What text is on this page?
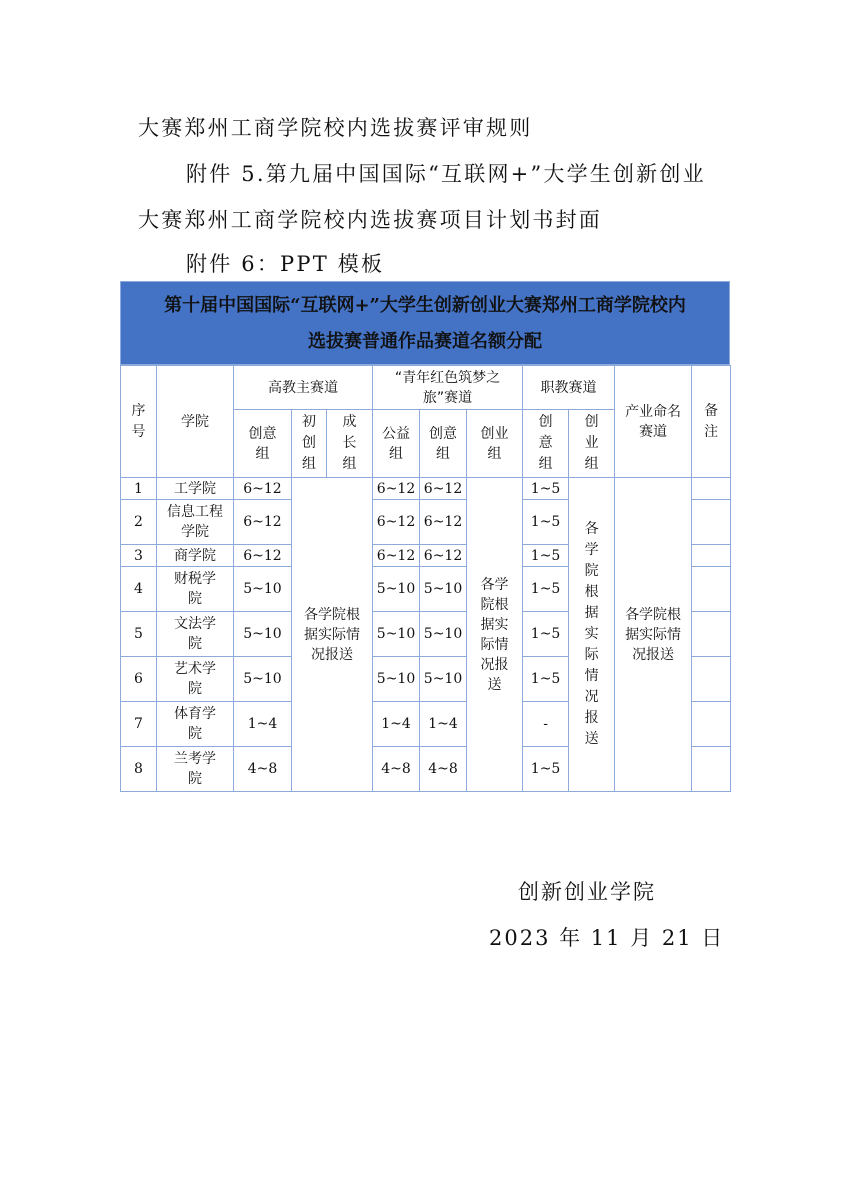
大赛郑州工商学院校内选拔赛评审规则
附件 5.第九届中国国际“互联网+”大学生创新创业
大赛郑州工商学院校内选拔赛项目计划书封面
附件 6：PPT 模板
第十届中国国际“互联网+”大学生创新创业大赛郑州工商学院校内
选拔赛普通作品赛道名额分配
序号	学院	高教主赛道			“青年红色筑梦之旅”赛道			职教赛道		产业命名赛道	备注
		创意组	初创组	成长组	公益组	创意组	创业组	创意组	创业组		
1	工学院	6~12	各学院根据实际情况报送		6~12	6~12	各学院根据实际情况报送	1~5	各学院根据实际情况报送	各学院根据实际情况报送	
2	信息工程学院	6~12			6~12	6~12		1~5			
3	商学院	6~12			6~12	6~12		1~5			
4	财税学院	5~10			5~10	5~10		1~5			
5	文法学院	5~10			5~10	5~10		1~5			
6	艺术学院	5~10			5~10	5~10		1~5			
7	体育学院	1~4			1~4	1~4		-			
8	兰考学院	4~8			4~8	4~8		1~5			
创新创业学院
2023 年 11 月 21 日
